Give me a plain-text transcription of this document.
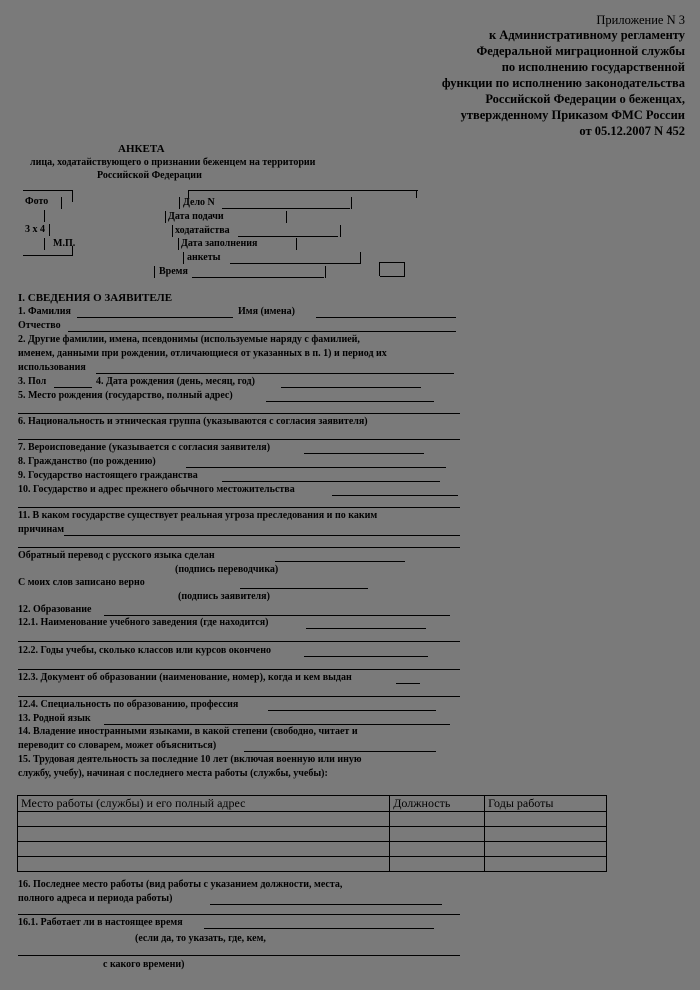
Приложение N 3
к Административному регламенту
Федеральной миграционной службы
по исполнению государственной
функции по исполнению законодательства
Российской Федерации о беженцах,
утвержденному Приказом ФМС России
от 05.12.2007 N 452
АНКЕТА
лица, ходатайствующего о признании беженцем на территории
Российской Федерации
Фото
3 x 4
М.П.
Дело N
Дата подачи
ходатайства
Дата заполнения
анкеты
Время
I. СВЕДЕНИЯ О ЗАЯВИТЕЛЕ
1. Фамилия	Имя (имена)
Отчество
2. Другие фамилии, имена, псевдонимы (используемые наряду с фамилией,
именем, данными при рождении, отличающиеся от указанных в п. 1) и период их
использования
3. Пол	4. Дата рождения (день, месяц, год)
5. Место рождения (государство, полный адрес)
6. Национальность и этническая группа (указываются с согласия заявителя)
7. Вероисповедание (указывается с согласия заявителя)
8. Гражданство (по рождению)
9. Государство настоящего гражданства
10. Государство и адрес прежнего обычного местожительства
11. В каком государстве существует реальная угроза преследования и по каким
причинам
Обратный перевод с русского языка сделан
(подпись переводчика)
С моих слов записано верно
(подпись заявителя)
12. Образование
12.1. Наименование учебного заведения (где находится)
12.2. Годы учебы, сколько классов или курсов окончено
12.3. Документ об образовании (наименование, номер), когда и кем выдан
12.4. Специальность по образованию, профессия
13. Родной язык
14. Владение иностранными языками, в какой степени (свободно, читает и
переводит со словарем, может объясниться)
15. Трудовая деятельность за последние 10 лет (включая военную или иную
службу, учебу), начиная с последнего места работы (службы, учебы):
Место работы (службы) и его полный адрес	Должность	Годы работы

16. Последнее место работы (вид работы с указанием должности, места,
полного адреса и периода работы)
16.1. Работает ли в настоящее время
(если да, то указать, где, кем,
с какого времени)
